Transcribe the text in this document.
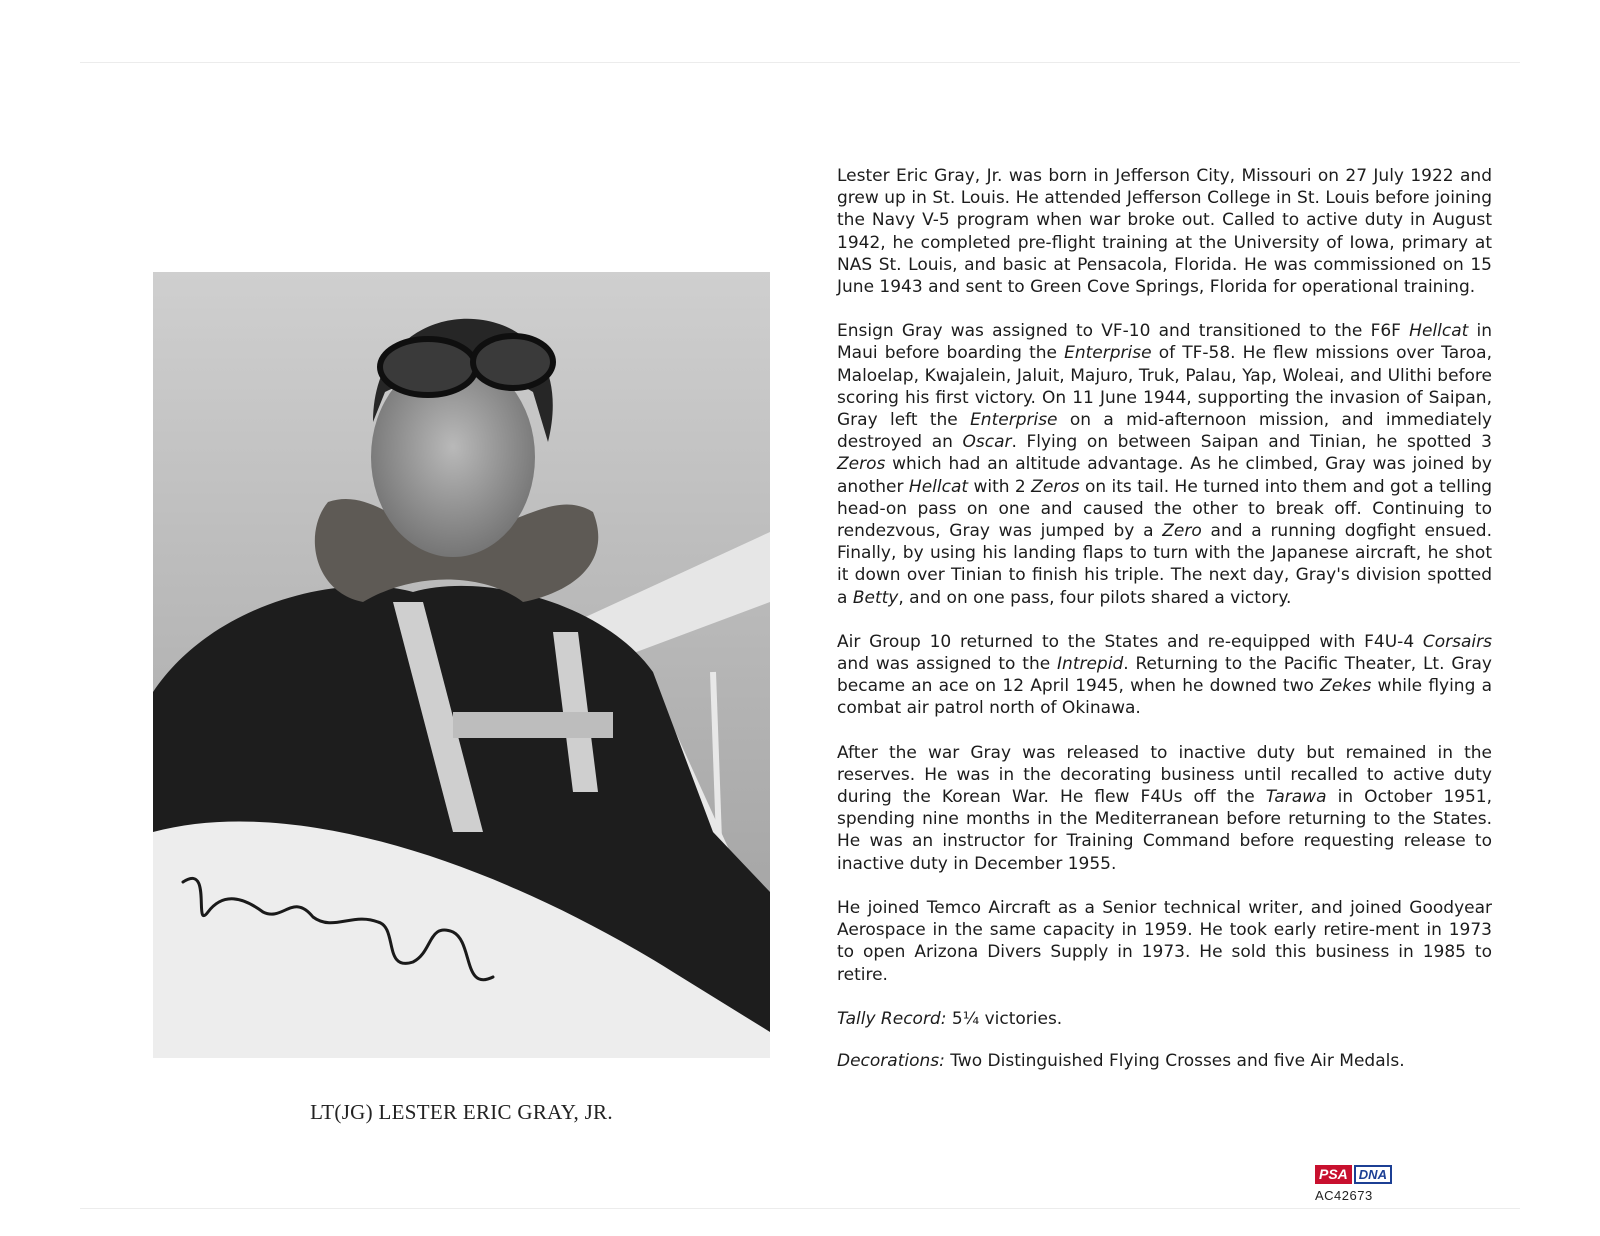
LT(JG) LESTER ERIC GRAY, JR.

Lester Eric Gray, Jr. was born in Jefferson City, Missouri on 27 July 1922 and grew up in St. Louis. He attended Jefferson College in St. Louis before joining the Navy V-5 program when war broke out. Called to active duty in August 1942, he completed pre-flight training at the University of Iowa, primary at NAS St. Louis, and basic at Pensacola, Florida. He was commissioned on 15 June 1943 and sent to Green Cove Springs, Florida for operational training.

Ensign Gray was assigned to VF-10 and transitioned to the F6F Hellcat in Maui before boarding the Enterprise of TF-58. He flew missions over Taroa, Maloelap, Kwajalein, Jaluit, Majuro, Truk, Palau, Yap, Woleai, and Ulithi before scoring his first victory. On 11 June 1944, supporting the invasion of Saipan, Gray left the Enterprise on a mid-afternoon mission, and immediately destroyed an Oscar. Flying on between Saipan and Tinian, he spotted 3 Zeros which had an altitude advantage. As he climbed, Gray was joined by another Hellcat with 2 Zeros on its tail. He turned into them and got a telling head-on pass on one and caused the other to break off. Continuing to rendezvous, Gray was jumped by a Zero and a running dogfight ensued. Finally, by using his landing flaps to turn with the Japanese aircraft, he shot it down over Tinian to finish his triple. The next day, Gray's division spotted a Betty, and on one pass, four pilots shared a victory.

Air Group 10 returned to the States and re-equipped with F4U-4 Corsairs and was assigned to the Intrepid. Returning to the Pacific Theater, Lt. Gray became an ace on 12 April 1945, when he downed two Zekes while flying a combat air patrol north of Okinawa.

After the war Gray was released to inactive duty but remained in the reserves. He was in the decorating business until recalled to active duty during the Korean War. He flew F4Us off the Tarawa in October 1951, spending nine months in the Mediterranean before returning to the States. He was an instructor for Training Command before requesting release to inactive duty in December 1955.

He joined Temco Aircraft as a Senior technical writer, and joined Goodyear Aerospace in the same capacity in 1959. He took early retire-ment in 1973 to open Arizona Divers Supply in 1973. He sold this business in 1985 to retire.

Tally Record: 5¼ victories.

Decorations: Two Distinguished Flying Crosses and five Air Medals.

PSA DNA
AC42673
